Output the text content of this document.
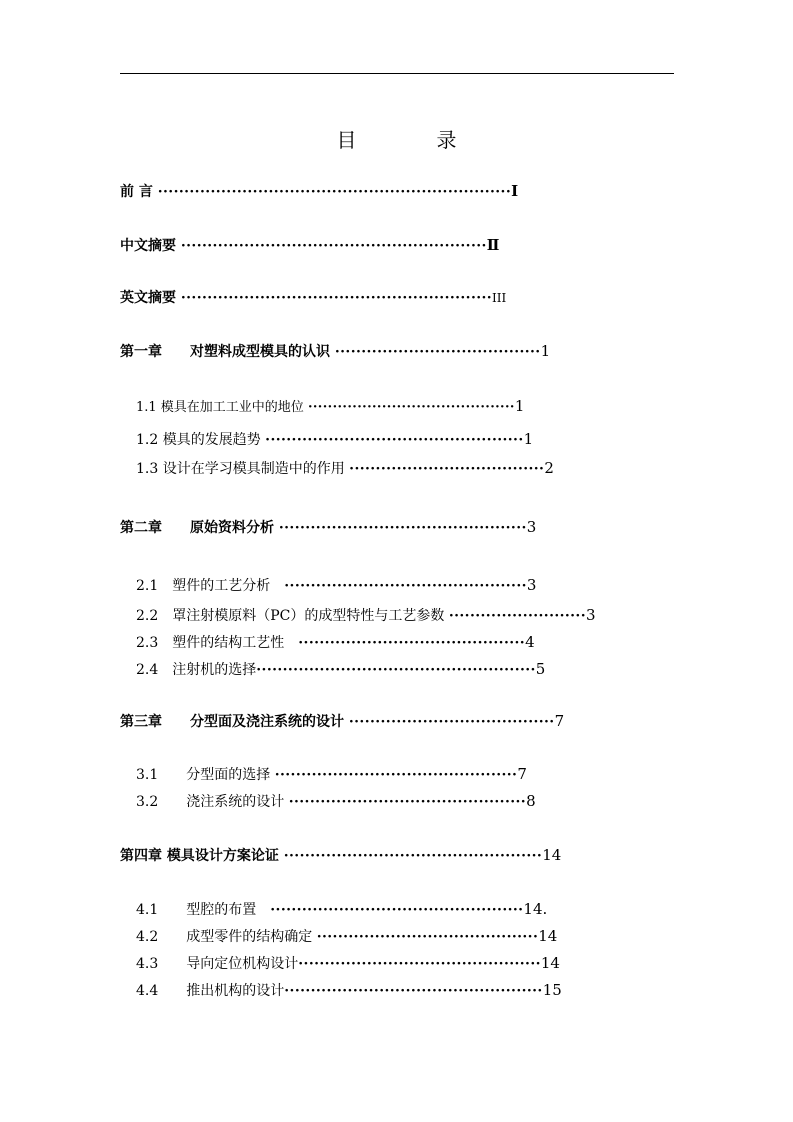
目　录
前 言 ···································································Ⅰ
中文摘要 ··························································Ⅱ
英文摘要 ···························································III
第一章　　对塑料成型模具的认识 ·······································1
1.1 模具在加工工业中的地位 ··········································1
1.2 模具的发展趋势 ·················································1
1.3 设计在学习模具制造中的作用 ·····································2
第二章　　原始资料分析 ···············································3
2.1　塑件的工艺分析　··············································3
2.2　罩注射模原料（PC）的成型特性与工艺参数 ··························3
2.3　塑件的结构工艺性　···········································4
2.4　注射机的选择·····················································5
第三章　　分型面及浇注系统的设计 ·······································7
3.1　　分型面的选择 ··············································7
3.2　　浇注系统的设计 ·············································8
第四章 模具设计方案论证 ·················································14
4.1　　型腔的布置　················································14.
4.2　　成型零件的结构确定 ··········································14
4.3　　导向定位机构设计··············································14
4.4　　推出机构的设计·················································15
